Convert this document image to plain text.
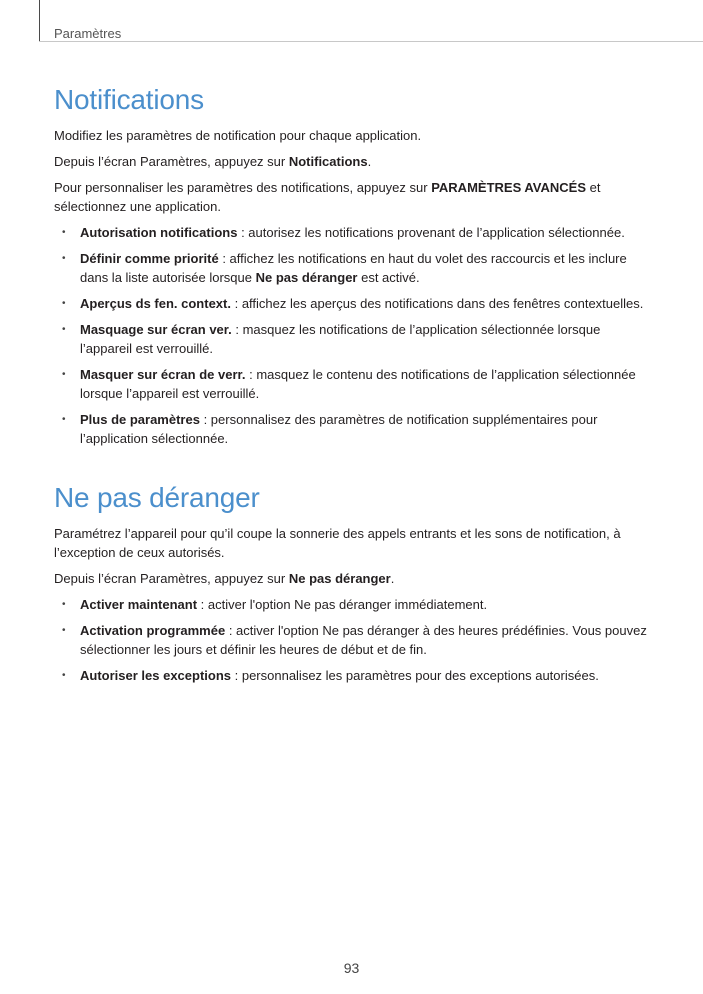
Paramètres
Notifications

Modifiez les paramètres de notification pour chaque application.

Depuis l’écran Paramètres, appuyez sur Notifications.

Pour personnaliser les paramètres des notifications, appuyez sur PARAMÈTRES AVANCÉS et sélectionnez une application.

• Autorisation notifications : autorisez les notifications provenant de l’application sélectionnée.
• Définir comme priorité : affichez les notifications en haut du volet des raccourcis et les inclure dans la liste autorisée lorsque Ne pas déranger est activé.
• Aperçus ds fen. context. : affichez les aperçus des notifications dans des fenêtres contextuelles.
• Masquage sur écran ver. : masquez les notifications de l’application sélectionnée lorsque l’appareil est verrouillé.
• Masquer sur écran de verr. : masquez le contenu des notifications de l’application sélectionnée lorsque l’appareil est verrouillé.
• Plus de paramètres : personnalisez des paramètres de notification supplémentaires pour l’application sélectionnée.
Ne pas déranger

Paramétrez l’appareil pour qu’il coupe la sonnerie des appels entrants et les sons de notification, à l’exception de ceux autorisés.

Depuis l’écran Paramètres, appuyez sur Ne pas déranger.

• Activer maintenant : activer l'option Ne pas déranger immédiatement.
• Activation programmée : activer l'option Ne pas déranger à des heures prédéfinies. Vous pouvez sélectionner les jours et définir les heures de début et de fin.
• Autoriser les exceptions : personnalisez les paramètres pour des exceptions autorisées.
93
